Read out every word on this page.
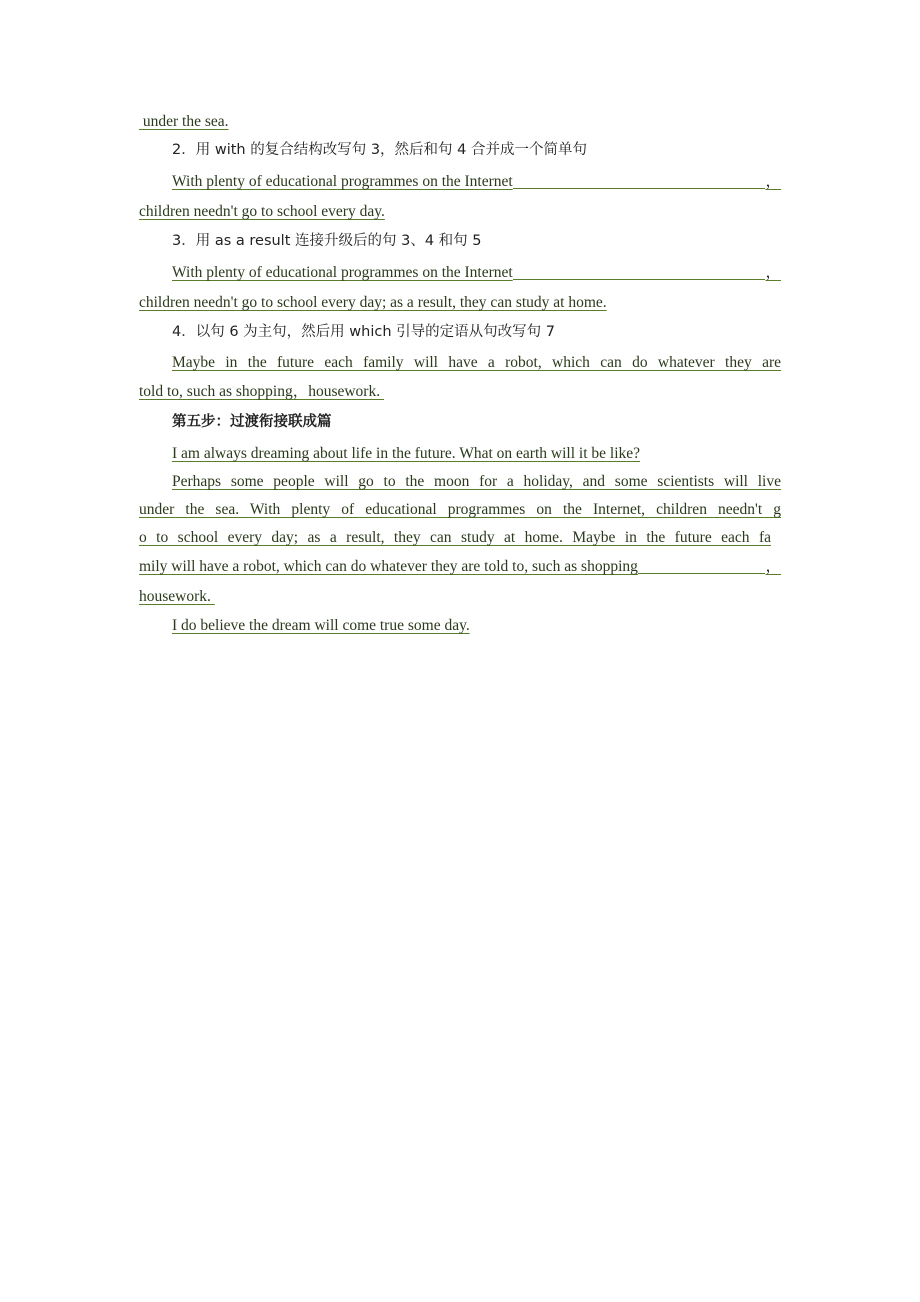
under the sea.
2．用 with 的复合结构改写句 3，然后和句 4 合并成一个简单句
With plenty of educational programmes on the Internet	，
children needn't go to school every day.
3．用 as a result 连接升级后的句 3、4 和句 5
With plenty of educational programmes on the Internet	，
children needn't go to school every day; as a result, they can study at home.
4．以句 6 为主句，然后用 which 引导的定语从句改写句 7
Maybe in the future each family will have a robot, which can do whatever they are
told to, such as shopping，housework.
第五步：过渡衔接联成篇
I am always dreaming about life in the future. What on earth will it be like?
Perhaps some people will go to the moon for a holiday, and some scientists will live
under the sea. With plenty of educational programmes on the Internet, children needn't g
o to school every day; as a result, they can study at home. Maybe in the future each fa
mily will have a robot, which can do whatever they are told to, such as shopping	，
housework.
I do believe the dream will come true some day.
